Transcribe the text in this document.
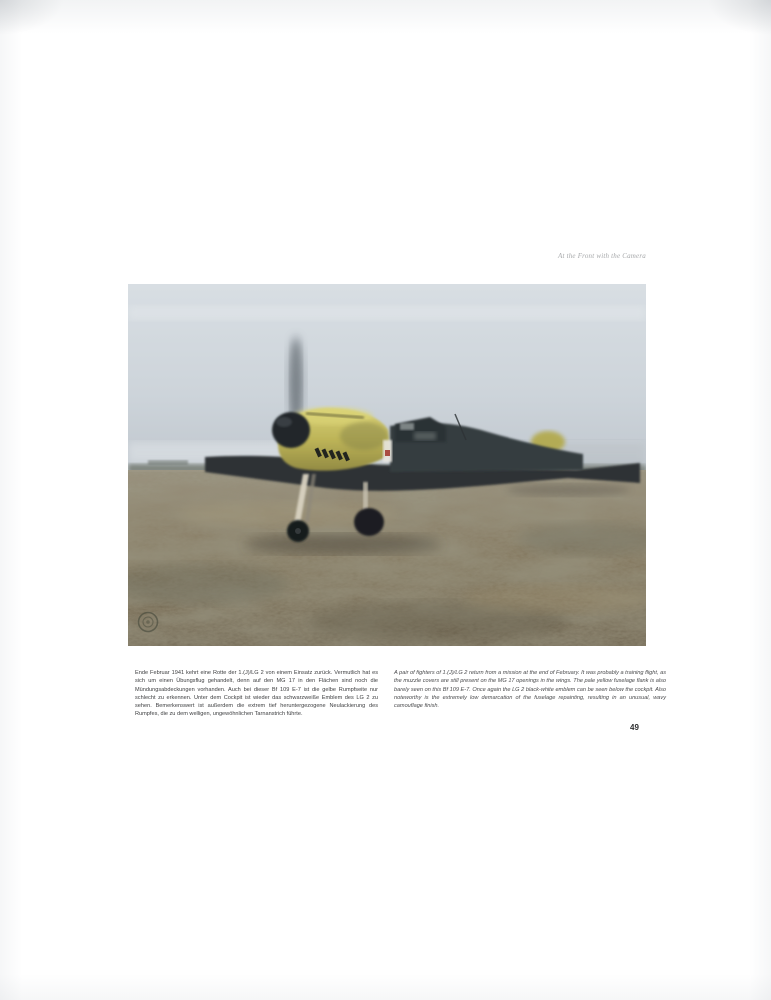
At the Front with the Camera
Ende Februar 1941 kehrt eine Rotte der 1.(J)/LG 2 von einem Einsatz zurück. Vermutlich hat es sich um einen Übungsflug gehandelt, denn auf den MG 17 in den Flächen sind noch die Mündungsabdeckungen vorhanden. Auch bei dieser Bf 109 E-7 ist die gelbe Rumpfseite nur schlecht zu erkennen. Unter dem Cockpit ist wieder das schwarzweiße Emblem des LG 2 zu sehen. Bemerkenswert ist außerdem die extrem tief heruntergezogene Neulackierung des Rumpfes, die zu dem welligen, ungewöhnlichen Tarnanstrich führte.
A pair of fighters of 1.(J)/LG 2 return from a mission at the end of February. It was probably a training flight, as the muzzle covers are still present on the MG 17 openings in the wings. The pale yellow fuselage flank is also barely seen on this Bf 109 E-7. Once again the LG 2 black-white emblem can be seen below the cockpit. Also noteworthy is the extremely low demarcation of the fuselage repainting, resulting in an unusual, wavy camouflage finish.
49
